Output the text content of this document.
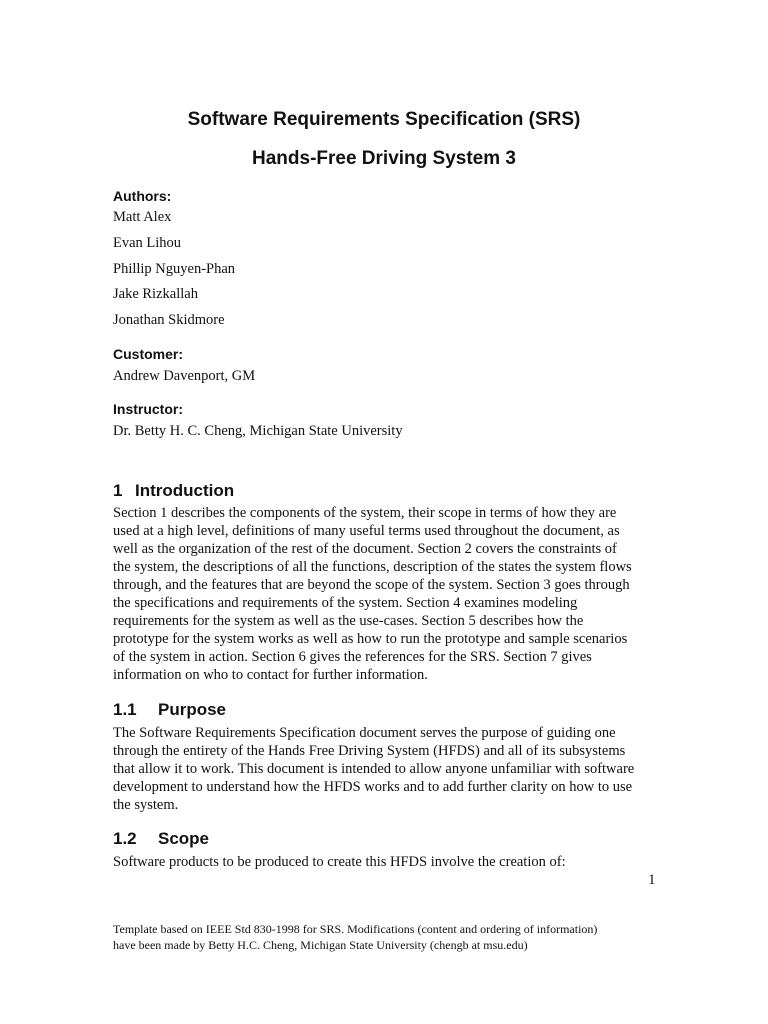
Software Requirements Specification (SRS)
Hands-Free Driving System 3
Authors:
Matt Alex
Evan Lihou
Phillip Nguyen-Phan
Jake Rizkallah
Jonathan Skidmore
Customer:
Andrew Davenport, GM
Instructor:
Dr. Betty H. C. Cheng, Michigan State University
1 Introduction
Section 1 describes the components of the system, their scope in terms of how they are
used at a high level, definitions of many useful terms used throughout the document, as
well as the organization of the rest of the document. Section 2 covers the constraints of
the system, the descriptions of all the functions, description of the states the system flows
through, and the features that are beyond the scope of the system. Section 3 goes through
the specifications and requirements of the system. Section 4 examines modeling
requirements for the system as well as the use-cases. Section 5 describes how the
prototype for the system works as well as how to run the prototype and sample scenarios
of the system in action. Section 6 gives the references for the SRS. Section 7 gives
information on who to contact for further information.
1.1 Purpose
The Software Requirements Specification document serves the purpose of guiding one
through the entirety of the Hands Free Driving System (HFDS) and all of its subsystems
that allow it to work. This document is intended to allow anyone unfamiliar with software
development to understand how the HFDS works and to add further clarity on how to use
the system.
1.2 Scope
Software products to be produced to create this HFDS involve the creation of:
1
Template based on IEEE Std 830-1998 for SRS. Modifications (content and ordering of information)
have been made by Betty H.C. Cheng, Michigan State University (chengb at msu.edu)
